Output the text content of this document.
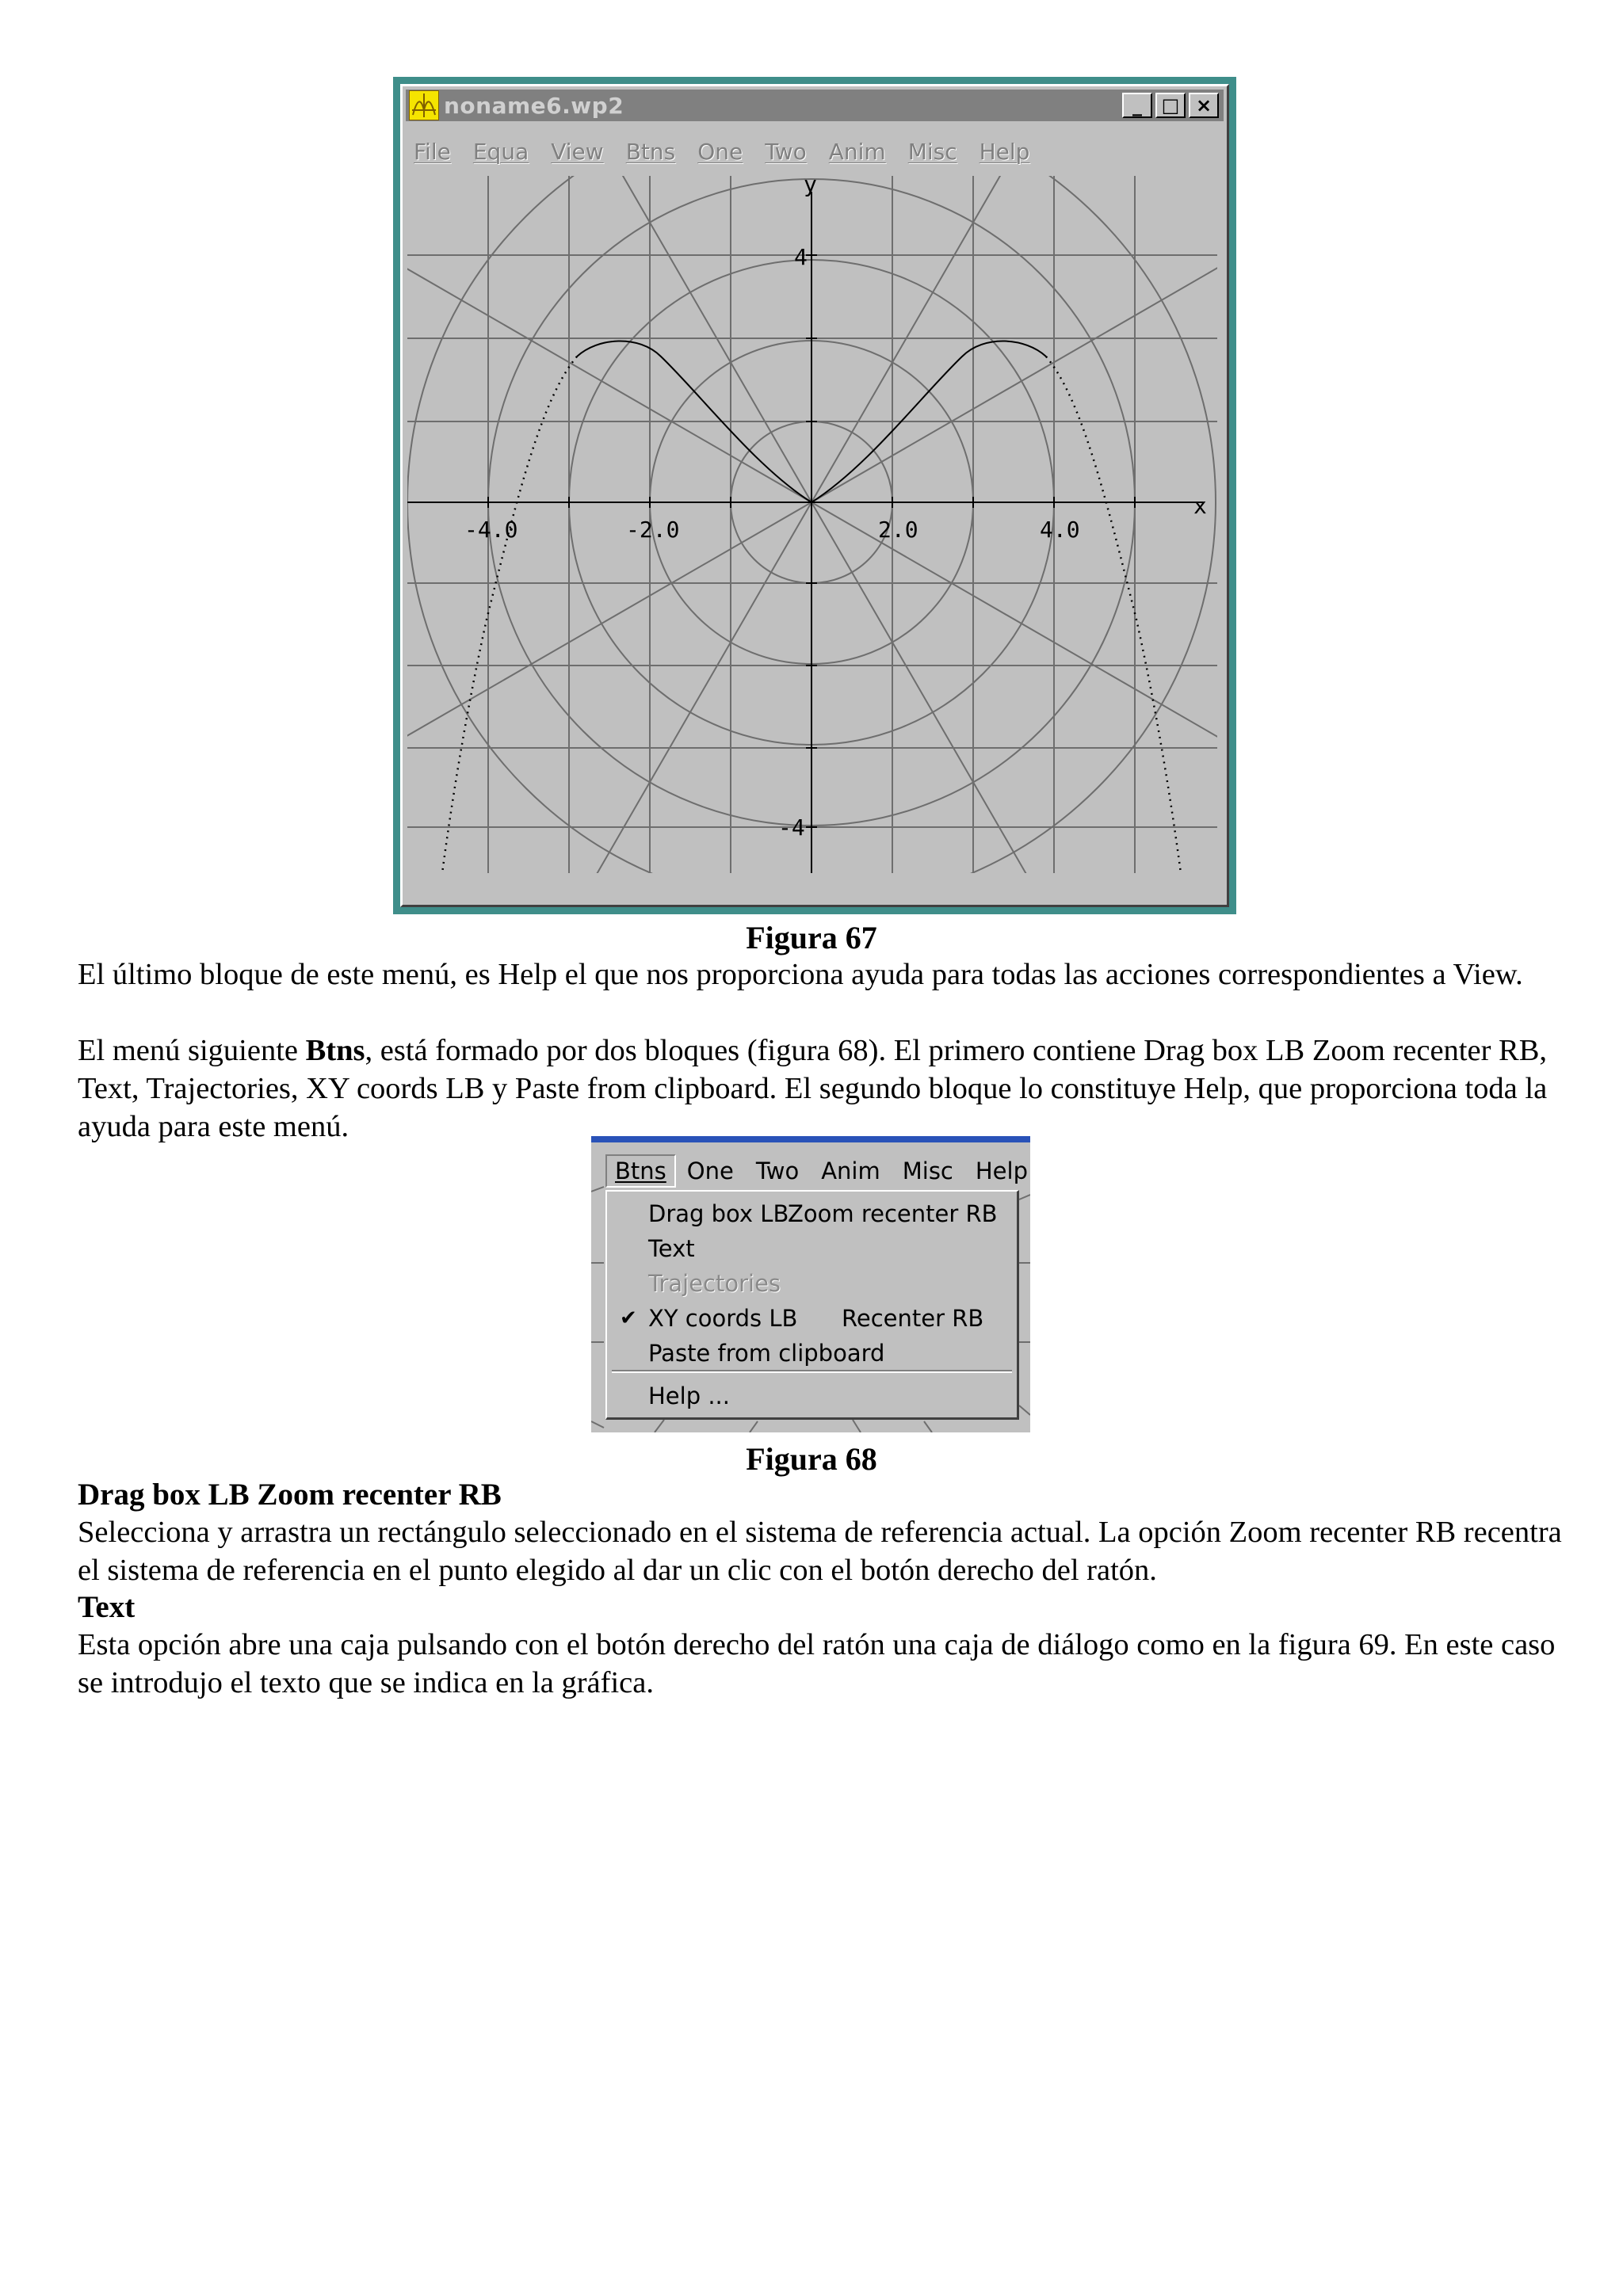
noname6.wp2	_	□ ×
File Equa View Btns One Two Anim Misc Help
x
y
-4.0	-2.0	2.0	4.0
4
-4
Figura 67
El último bloque de este menú, es Help el que nos proporciona ayuda para todas las acciones correspondientes a View.
El menú siguiente Btns, está formado por dos bloques (figura 68). El primero contiene Drag box LB Zoom recenter RB, Text, Trajectories, XY coords LB y Paste from clipboard. El segundo bloque lo constituye Help, que proporciona toda la ayuda para este menú.
Btns One Two Anim Misc Help
Drag box LB
Zoom recenter RB
Text
Trajectories
✔ XY coords LB Recenter RB
Paste from clipboard
Help ...
Figura 68
Drag box LB Zoom recenter RB
Selecciona y arrastra un rectángulo seleccionado en el sistema de referencia actual. La opción Zoom recenter RB recentra el sistema de referencia en el punto elegido al dar un clic con el botón derecho del ratón.
Text
Esta opción abre una caja pulsando con el botón derecho del ratón una caja de diálogo como en la figura 69. En este caso se introdujo el texto que se indica en la gráfica.
